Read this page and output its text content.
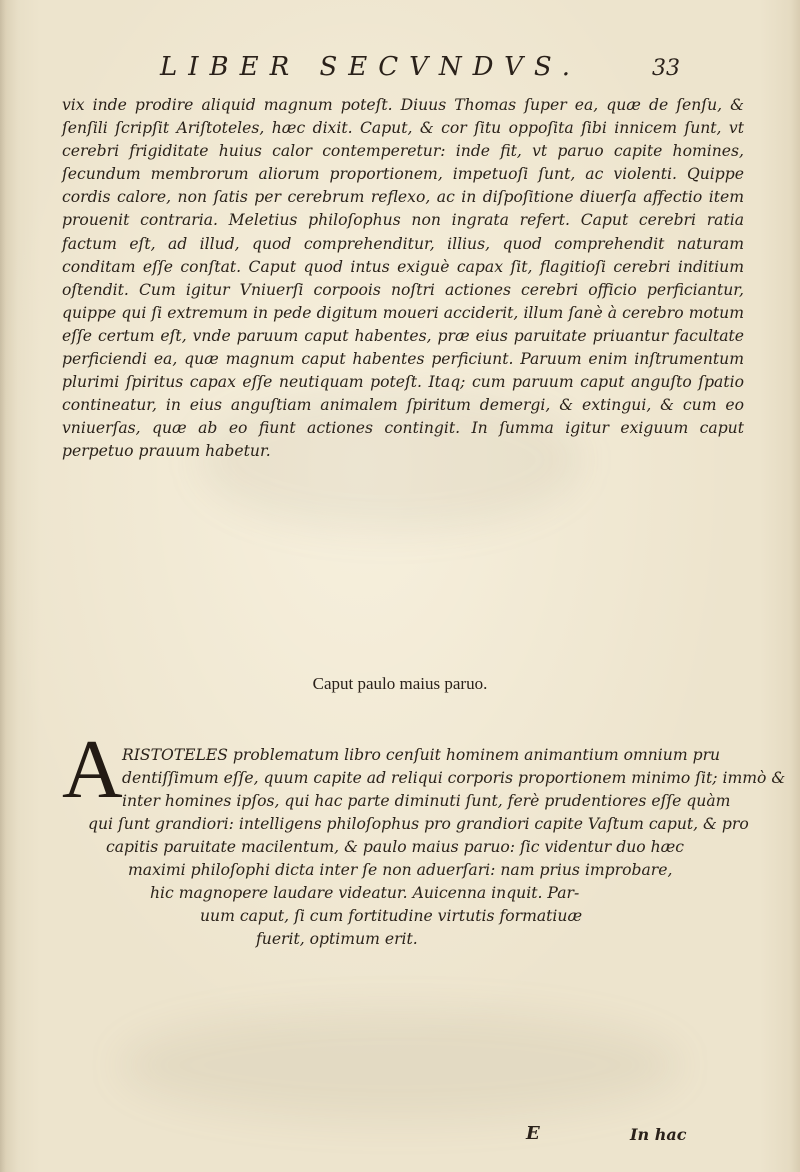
LIBER SECVNDVS.	33

vix inde prodire aliquid magnum poteſt. Diuus Thomas ſuper ea, quæ de ſenſu, & ſenſili ſcripſit Ariſtoteles, hæc dixit. Caput, & cor ſitu oppoſita ſibi innicem ſunt, vt cerebri frigiditate huius calor contemperetur: inde fit, vt paruo capite homines, ſecundum membrorum aliorum proportionem, impetuoſi ſunt, ac violenti. Quippe cordis calore, non ſatis per cerebrum reflexo, ac in diſpoſitione diuerſa affectio item prouenit contraria. Meletius philoſophus non ingrata refert. Caput cerebri ratia factum eſt, ad illud, quod comprehenditur, illius, quod comprehendit naturam conditam eſſe conſtat. Caput quod intus exiguè capax ſit, flagitioſi cerebri inditium oſtendit. Cum igitur Vniuerſi corpoois noſtri actiones cerebri officio perficiantur, quippe qui ſi extremum in pede digitum moueri acciderit, illum ſanè à cerebro motum eſſe certum eſt, vnde paruum caput habentes, præ eius paruitate priuantur facultate perficiendi ea, quæ magnum caput habentes perficiunt. Paruum enim inſtrumentum plurimi ſpiritus capax eſſe neutiquam poteſt. Itaq; cum paruum caput anguſto ſpatio contineatur, in eius anguſtiam animalem ſpiritum demergi, & extingui, & cum eo vniuerſas, quæ ab eo fiunt actiones contingit. In ſumma igitur exiguum caput perpetuo prauum habetur.

Caput paulo maius paruo.
A RISTOTELES problematum libro cenſuit hominem animantium omnium pru
dentiſſimum eſſe, quum capite ad reliqui corporis proportionem minimo ſit; immò &
inter homines ipſos, qui hac parte diminuti ſunt, ferè prudentiores eſſe quàm
qui ſunt grandiori: intelligens philoſophus pro grandiori capite Vaſtum caput, & pro
capitis paruitate macilentum, & paulo maius paruo: ſic videntur duo hæc
maximi philoſophi dicta inter ſe non aduerſari: nam prius improbare,
hic magnopere laudare videatur. Auicenna inquit. Par-
uum caput, ſi cum fortitudine virtutis formatiuæ
fuerit, optimum erit.
E	In hac
